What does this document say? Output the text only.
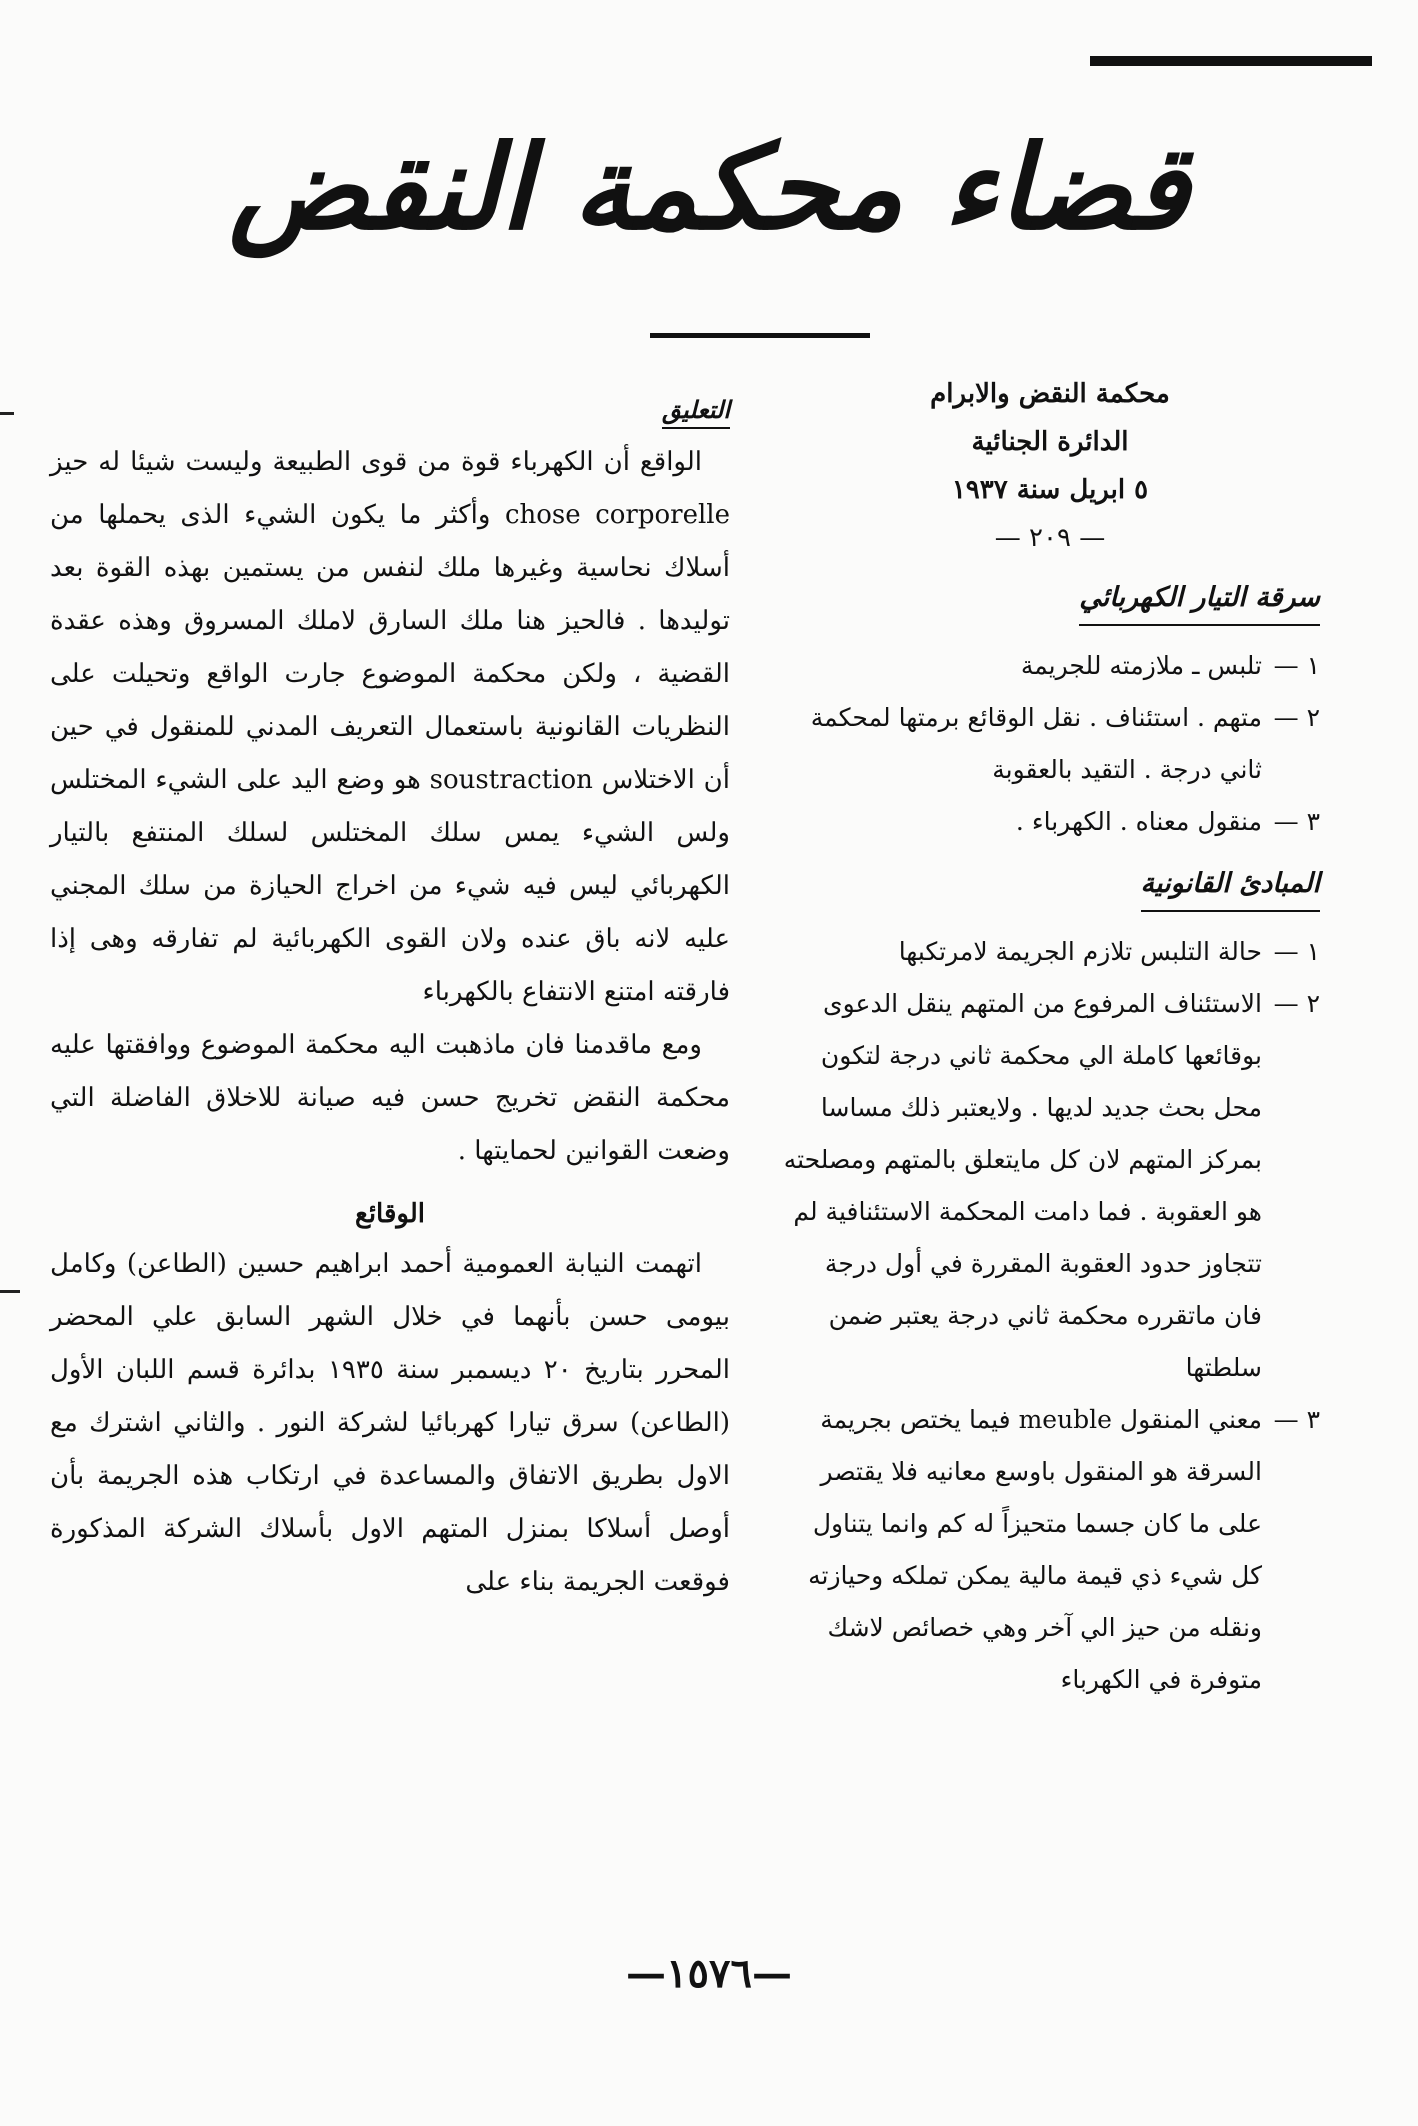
قضاء محكمة النقض

محكمة النقض والابرام

الدائرة الجنائية

٥ ابريل سنة ١٩٣٧

— ٢٠٩ —

سرقة التيار الكهربائي

١ —
تلبس ـ ملازمته للجريمة

٢ —
متهم . استئناف . نقل الوقائع برمتها لمحكمة ثاني درجة . التقيد بالعقوبة

٣ —
منقول معناه . الكهرباء .

المبادئ القانونية

١ —
حالة التلبس تلازم الجريمة لامرتكبها

٢ —
الاستئناف المرفوع من المتهم ينقل الدعوى بوقائعها كاملة الي محكمة ثاني درجة لتكون محل بحث جديد لديها . ولايعتبر ذلك مساسا بمركز المتهم لان كل مايتعلق بالمتهم ومصلحته هو العقوبة . فما دامت المحكمة الاستئنافية لم تتجاوز حدود العقوبة المقررة في أول درجة فان ماتقرره محكمة ثاني درجة يعتبر ضمن سلطتها

٣ —
معني المنقول meuble فيما يختص بجريمة السرقة هو المنقول باوسع معانيه فلا يقتصر على ما كان جسما متحيزاً له كم وانما يتناول كل شيء ذي قيمة مالية يمكن تملكه وحيازته ونقله من حيز الي آخر وهي خصائص لاشك متوفرة في الكهرباء

التعليق

الواقع أن الكهرباء قوة من قوى الطبيعة وليست شيئا له حيز chose corporelle وأكثر ما يكون الشيء الذى يحملها من أسلاك نحاسية وغيرها ملك لنفس من يستمين بهذه القوة بعد توليدها . فالحيز هنا ملك السارق لاملك المسروق وهذه عقدة القضية ، ولكن محكمة الموضوع جارت الواقع وتحيلت على النظريات القانونية باستعمال التعريف المدني للمنقول في حين أن الاختلاس soustraction هو وضع اليد على الشيء المختلس ولس الشيء يمس سلك المختلس لسلك المنتفع بالتيار الكهربائي ليس فيه شيء من اخراج الحيازة من سلك المجني عليه لانه باق عنده ولان القوى الكهربائية لم تفارقه وهى إذا فارقته امتنع الانتفاع بالكهرباء

ومع ماقدمنا فان ماذهبت اليه محكمة الموضوع ووافقتها عليه محكمة النقض تخريج حسن فيه صيانة للاخلاق الفاضلة التي وضعت القوانين لحمايتها .

الوقائع

اتهمت النيابة العمومية أحمد ابراهيم حسين (الطاعن) وكامل بيومى حسن بأنهما في خلال الشهر السابق علي المحضر المحرر بتاريخ ٢٠ ديسمبر سنة ١٩٣٥ بدائرة قسم اللبان الأول (الطاعن) سرق تيارا كهربائيا لشركة النور . والثاني اشترك مع الاول بطريق الاتفاق والمساعدة في ارتكاب هذه الجريمة بأن أوصل أسلاكا بمنزل المتهم الاول بأسلاك الشركة المذكورة فوقعت الجريمة بناء على

—١٥٧٦—
